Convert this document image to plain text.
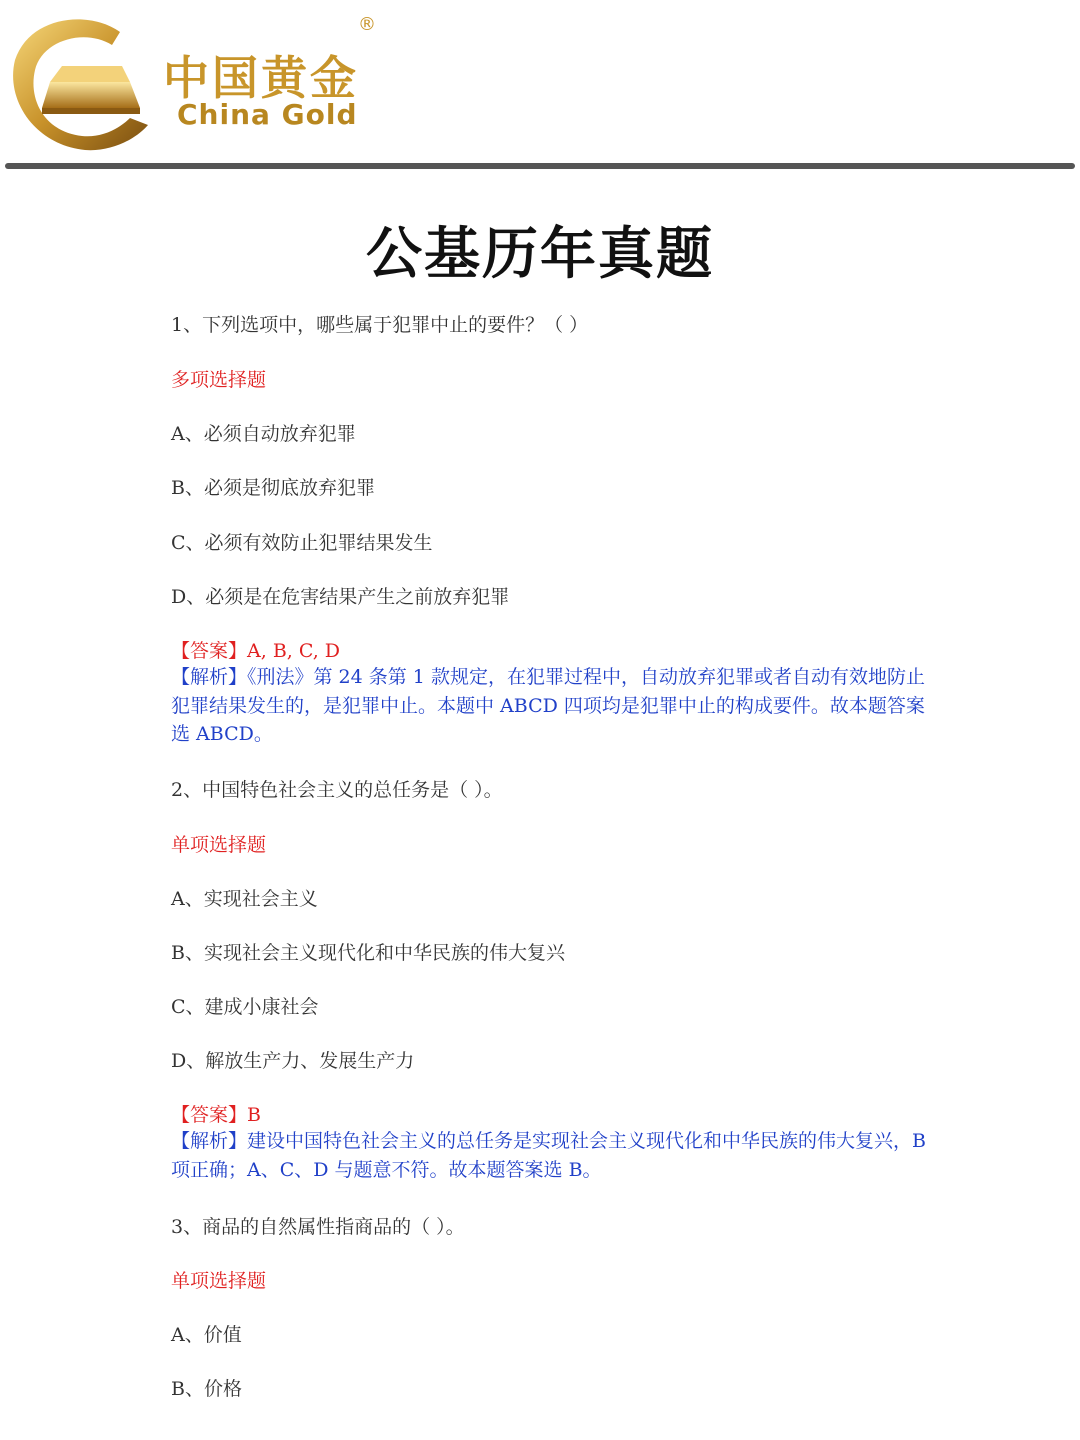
中国黄金
China Gold
®
公基历年真题
1、下列选项中，哪些属于犯罪中止的要件？（ ）
多项选择题
A、必须自动放弃犯罪
B、必须是彻底放弃犯罪
C、必须有效防止犯罪结果发生
D、必须是在危害结果产生之前放弃犯罪
【答案】A, B, C, D
【解析】《刑法》第 24 条第 1 款规定，在犯罪过程中，自动放弃犯罪或者自动有效地防止犯罪结果发生的，是犯罪中止。本题中 ABCD 四项均是犯罪中止的构成要件。故本题答案选 ABCD。
2、中国特色社会主义的总任务是（ ）。
单项选择题
A、实现社会主义
B、实现社会主义现代化和中华民族的伟大复兴
C、建成小康社会
D、解放生产力、发展生产力
【答案】B
【解析】建设中国特色社会主义的总任务是实现社会主义现代化和中华民族的伟大复兴，B 项正确；A、C、D 与题意不符。故本题答案选 B。
3、商品的自然属性指商品的（ ）。
单项选择题
A、价值
B、价格
